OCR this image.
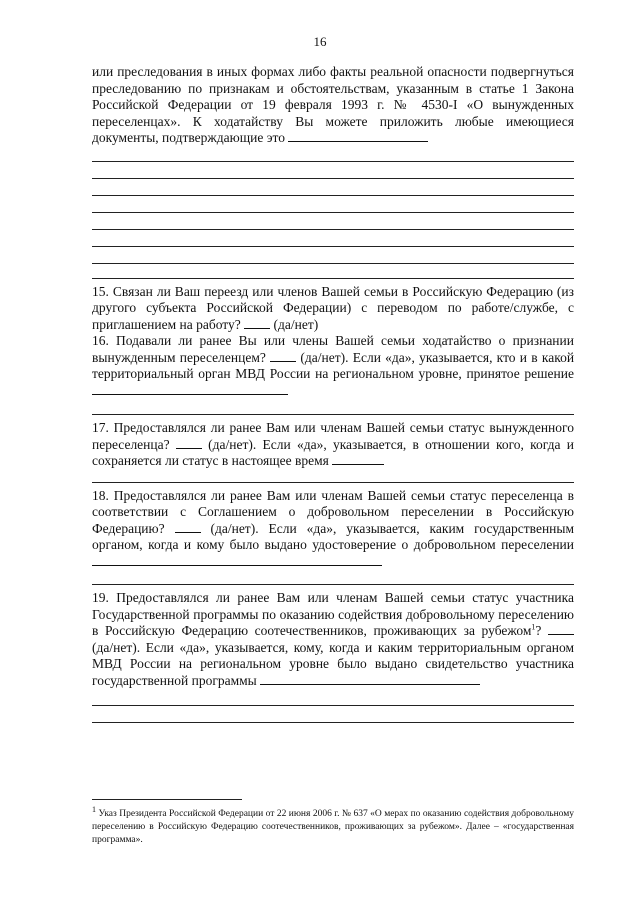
16

или преследования в иных формах либо факты реальной опасности подвергнуться преследованию по признакам и обстоятельствам, указанным в статье 1 Закона Российской Федерации от 19 февраля 1993 г. № 4530-I «О вынужденных переселенцах». К ходатайству Вы можете приложить любые имеющиеся документы, подтверждающие это

15. Связан ли Ваш переезд или членов Вашей семьи в Российскую Федерацию (из другого субъекта Российской Федерации) с переводом по работе/службе, с приглашением на работу? (да/нет)

16. Подавали ли ранее Вы или члены Вашей семьи ходатайство о признании вынужденным переселенцем?	(да/нет). Если «да», указывается, кто и в какой территориальный орган МВД России на региональном уровне, принятое решение

17. Предоставлялся ли ранее Вам или членам Вашей семьи статус вынужденного переселенца?	(да/нет). Если «да», указывается, в отношении кого, когда и сохраняется ли статус в настоящее время

18. Предоставлялся ли ранее Вам или членам Вашей семьи статус переселенца в соответствии с Соглашением о добровольном переселении в Российскую Федерацию?	(да/нет). Если «да», указывается, каким государственным органом, когда и кому было выдано удостоверение о добровольном переселении

19. Предоставлялся ли ранее Вам или членам Вашей семьи статус участника Государственной программы по оказанию содействия добровольному переселению в Российскую Федерацию соотечественников, проживающих за рубежом$^1$?  (да/нет). Если «да», указывается, кому, когда и каким территориальным органом МВД России на региональном уровне было выдано свидетельство участника государственной программы

$^1$ Указ Президента Российской Федерации от 22 июня 2006 г. № 637 «О мерах по оказанию содействия добровольному переселению в Российскую Федерацию соотечественников, проживающих за рубежом». Далее – «государственная программа».
